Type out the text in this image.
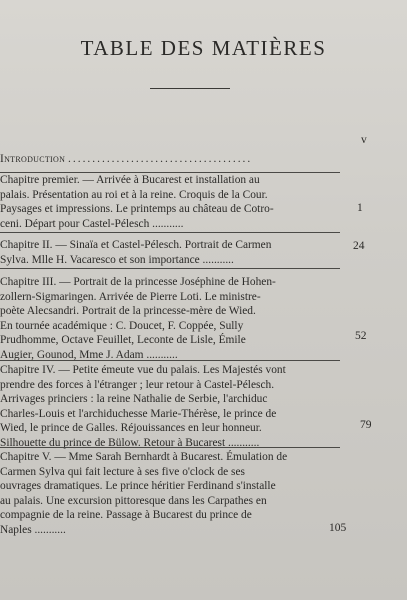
TABLE DES MATIÈRES
Introduction ......................................
v
Chapitre premier. — Arrivée à Bucarest et installation au
palais. Présentation au roi et à la reine. Croquis de la Cour.
Paysages et impressions. Le printemps au château de Cotro-
ceni. Départ pour Castel-Pélesch ...........
1
Chapitre II. — Sinaïa et Castel-Pélesch. Portrait de Carmen
Sylva. Mlle H. Vacaresco et son importance ...........
24
Chapitre III. — Portrait de la princesse Joséphine de Hohen-
zollern-Sigmaringen. Arrivée de Pierre Loti. Le ministre-
poète Alecsandri. Portrait de la princesse-mère de Wied.
En tournée académique : C. Doucet, F. Coppée, Sully
Prudhomme, Octave Feuillet, Leconte de Lisle, Émile
Augier, Gounod, Mme J. Adam ...........
52
Chapitre IV. — Petite émeute vue du palais. Les Majestés vont
prendre des forces à l'étranger ; leur retour à Castel-Pélesch.
Arrivages princiers : la reine Nathalie de Serbie, l'archiduc
Charles-Louis et l'archiduchesse Marie-Thérèse, le prince de
Wied, le prince de Galles. Réjouissances en leur honneur.
Silhouette du prince de Bülow. Retour à Bucarest ...........
79
Chapitre V. — Mme Sarah Bernhardt à Bucarest. Émulation de
Carmen Sylva qui fait lecture à ses five o'clock de ses
ouvrages dramatiques. Le prince héritier Ferdinand s'installe
au palais. Une excursion pittoresque dans les Carpathes en
compagnie de la reine. Passage à Bucarest du prince de
Naples ...........	105
